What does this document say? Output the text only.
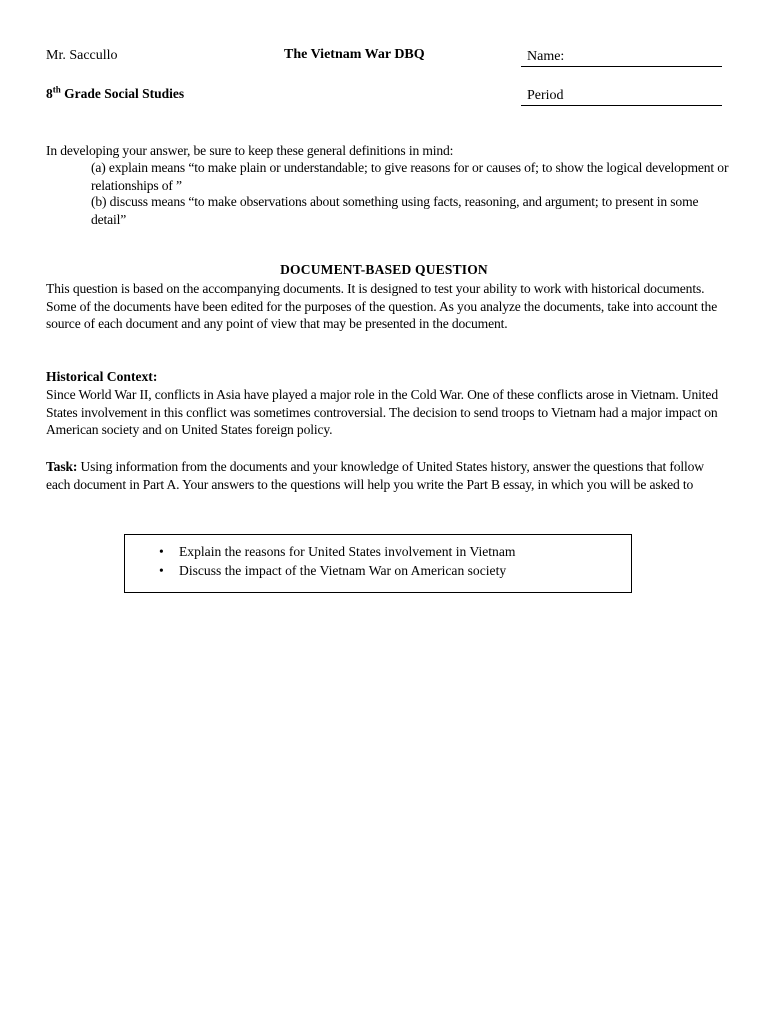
Mr. Saccullo	The Vietnam War DBQ	Name:
8th Grade Social Studies	Period
In developing your answer, be sure to keep these general definitions in mind:
(a) explain means “to make plain or understandable; to give reasons for or causes of; to show the logical development or relationships of ”
(b) discuss means “to make observations about something using facts, reasoning, and argument; to present in some detail”
DOCUMENT-BASED QUESTION
This question is based on the accompanying documents. It is designed to test your ability to work with historical documents. Some of the documents have been edited for the purposes of the question. As you analyze the documents, take into account the source of each document and any point of view that may be presented in the document.
Historical Context:
Since World War II, conflicts in Asia have played a major role in the Cold War. One of these conflicts arose in Vietnam. United States involvement in this conflict was sometimes controversial. The decision to send troops to Vietnam had a major impact on American society and on United States foreign policy.
Task: Using information from the documents and your knowledge of United States history, answer the questions that follow each document in Part A. Your answers to the questions will help you write the Part B essay, in which you will be asked to
• Explain the reasons for United States involvement in Vietnam
• Discuss the impact of the Vietnam War on American society
